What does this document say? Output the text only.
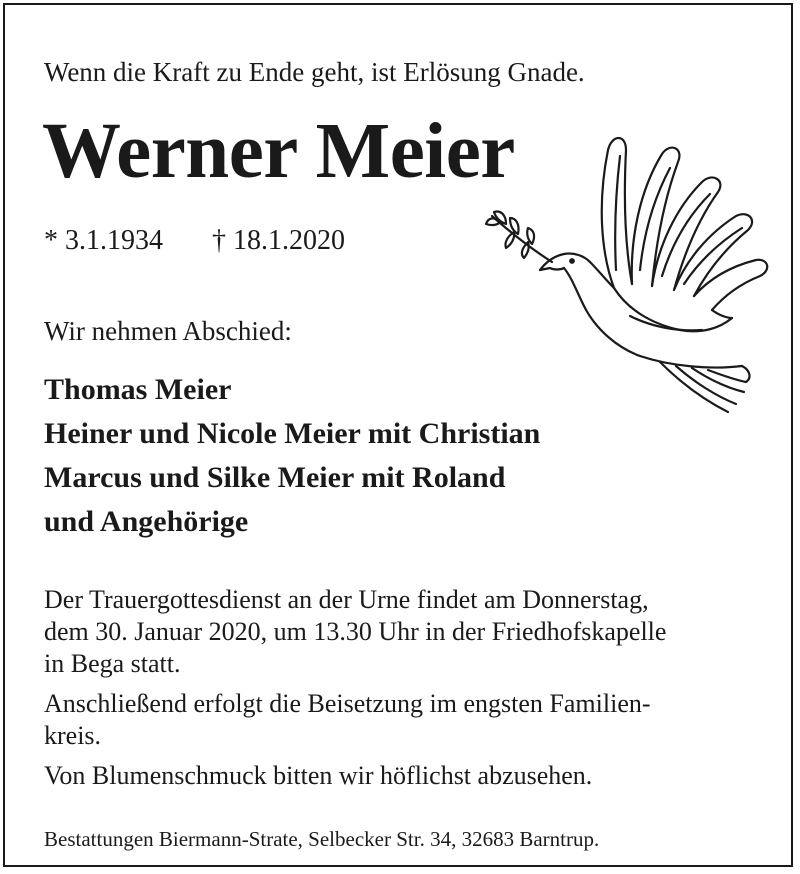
Wenn die Kraft zu Ende geht, ist Erlösung Gnade.
Werner Meier
* 3.1.1934 † 18.1.2020
Wir nehmen Abschied:
Thomas Meier
Heiner und Nicole Meier mit Christian
Marcus und Silke Meier mit Roland
und Angehörige
Der Trauergottesdienst an der Urne findet am Donnerstag,
dem 30. Januar 2020, um 13.30 Uhr in der Friedhofskapelle
in Bega statt.
Anschließend erfolgt die Beisetzung im engsten Familien-
kreis.
Von Blumenschmuck bitten wir höflichst abzusehen.
Bestattungen Biermann-Strate, Selbecker Str. 34, 32683 Barntrup.
